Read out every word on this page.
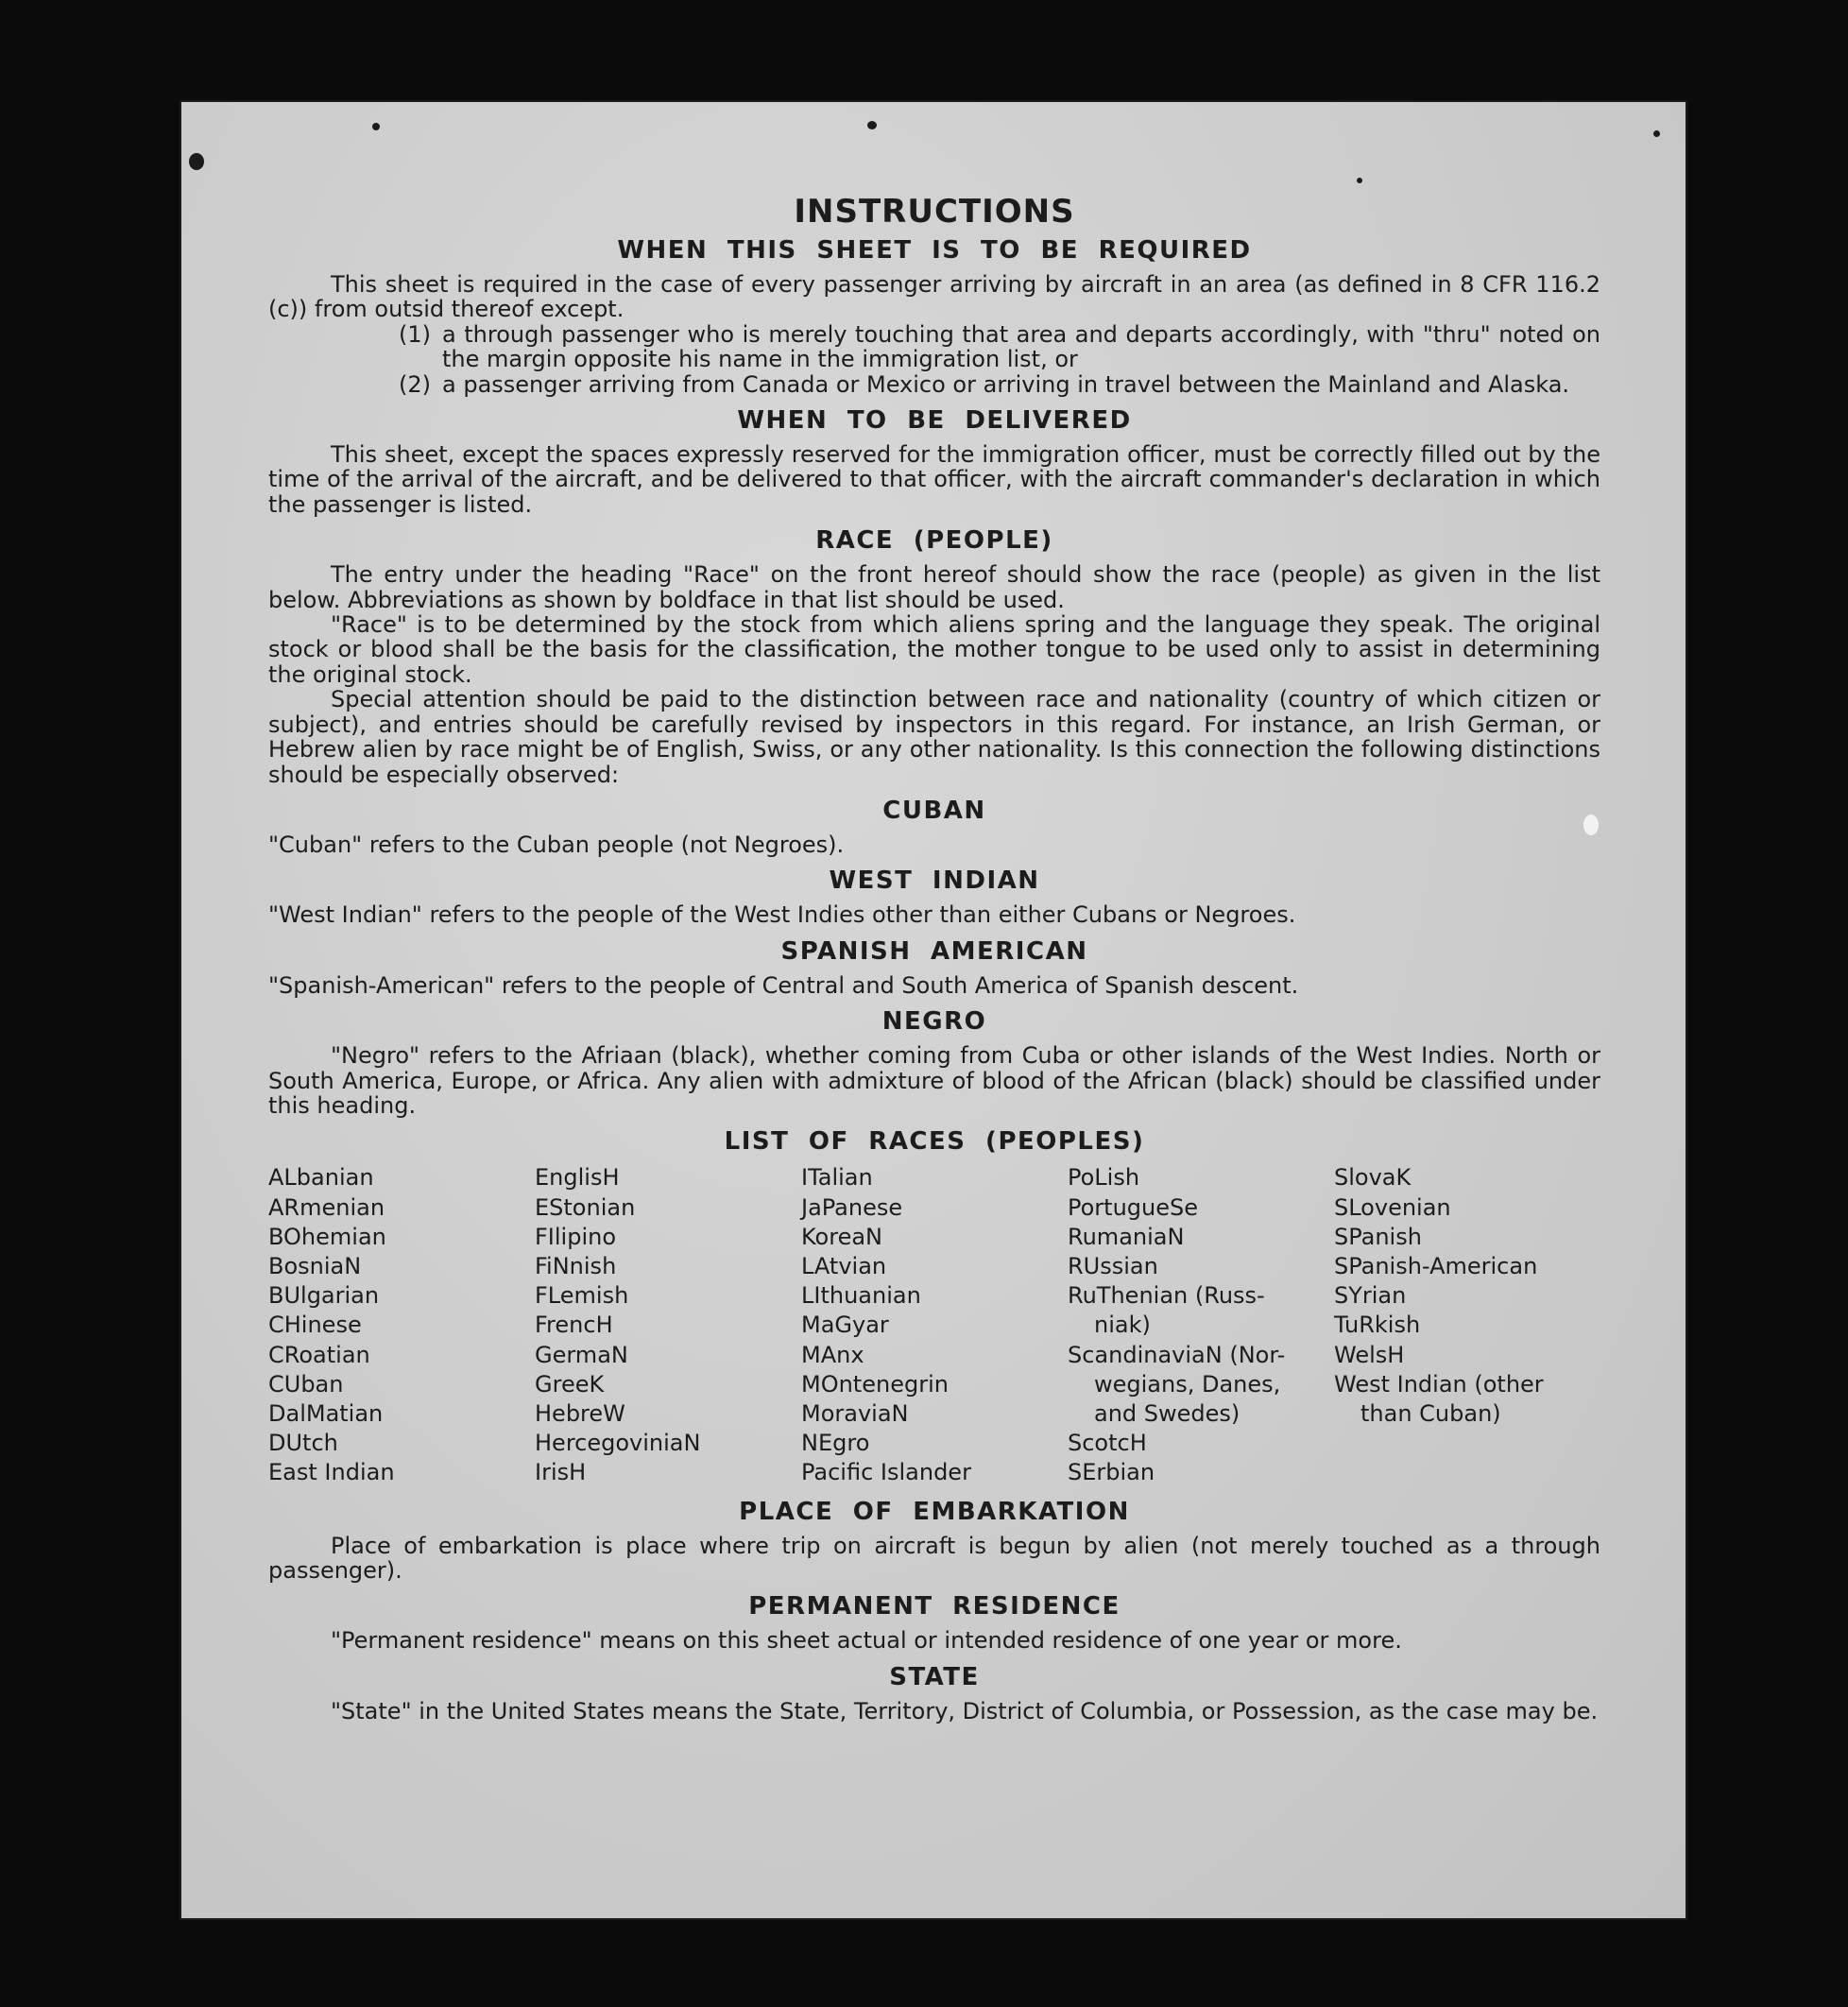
INSTRUCTIONS
WHEN THIS SHEET IS TO BE REQUIRED

This sheet is required in the case of every passenger arriving by aircraft in an area (as defined in 8 CFR 116.2 (c)) from outsid thereof except.

(1) a through passenger who is merely touching that area and departs accordingly, with "thru" noted on the margin opposite his name in the immigration list, or
(2) a passenger arriving from Canada or Mexico or arriving in travel between the Mainland and Alaska.
WHEN TO BE DELIVERED

This sheet, except the spaces expressly reserved for the immigration officer, must be correctly filled out by the time of the arrival of the aircraft, and be delivered to that officer, with the aircraft commander's declaration in which the passenger is listed.

RACE (PEOPLE)

The entry under the heading "Race" on the front hereof should show the race (people) as given in the list below. Abbreviations as shown by boldface in that list should be used.

"Race" is to be determined by the stock from which aliens spring and the language they speak. The original stock or blood shall be the basis for the classification, the mother tongue to be used only to assist in determining the original stock.

Special attention should be paid to the distinction between race and nationality (country of which citizen or subject), and entries should be carefully revised by inspectors in this regard. For instance, an Irish German, or Hebrew alien by race might be of English, Swiss, or any other nationality. Is this connection the following distinctions should be especially observed:

CUBAN

"Cuban" refers to the Cuban people (not Negroes).

WEST INDIAN

"West Indian" refers to the people of the West Indies other than either Cubans or Negroes.

SPANISH AMERICAN

"Spanish-American" refers to the people of Central and South America of Spanish descent.

NEGRO

"Negro" refers to the Afriaan (black), whether coming from Cuba or other islands of the West Indies. North or South America, Europe, or Africa. Any alien with admixture of blood of the African (black) should be classified under this heading.

LIST OF RACES (PEOPLES)
ALbanian
ARmenian
BOhemian
BosniaN
BUlgarian
CHinese
CRoatian
CUban
DalMatian
DUtch
East Indian
EnglisH
EStonian
FIlipino
FiNnish
FLemish
FrencH
GermaN
GreeK
HebreW
HercegoviniaN
IrisH
ITalian
JaPanese
KoreaN
LAtvian
LIthuanian
MaGyar
MAnx
MOntenegrin
MoraviaN
NEgro
Pacific Islander
PoLish
PortugueSe
RumaniaN
RUssian
RuThenian (Russ-
niak)
ScandinaviaN (Nor-
wegians, Danes,
and Swedes)
ScotcH
SErbian
SlovaK
SLovenian
SPanish
SPanish-American
SYrian
TuRkish
WelsH
West Indian (other
than Cuban)
PLACE OF EMBARKATION

Place of embarkation is place where trip on aircraft is begun by alien (not merely touched as a through passenger).

PERMANENT RESIDENCE

"Permanent residence" means on this sheet actual or intended residence of one year or more.

STATE

"State" in the United States means the State, Territory, District of Columbia, or Possession, as the case may be.
